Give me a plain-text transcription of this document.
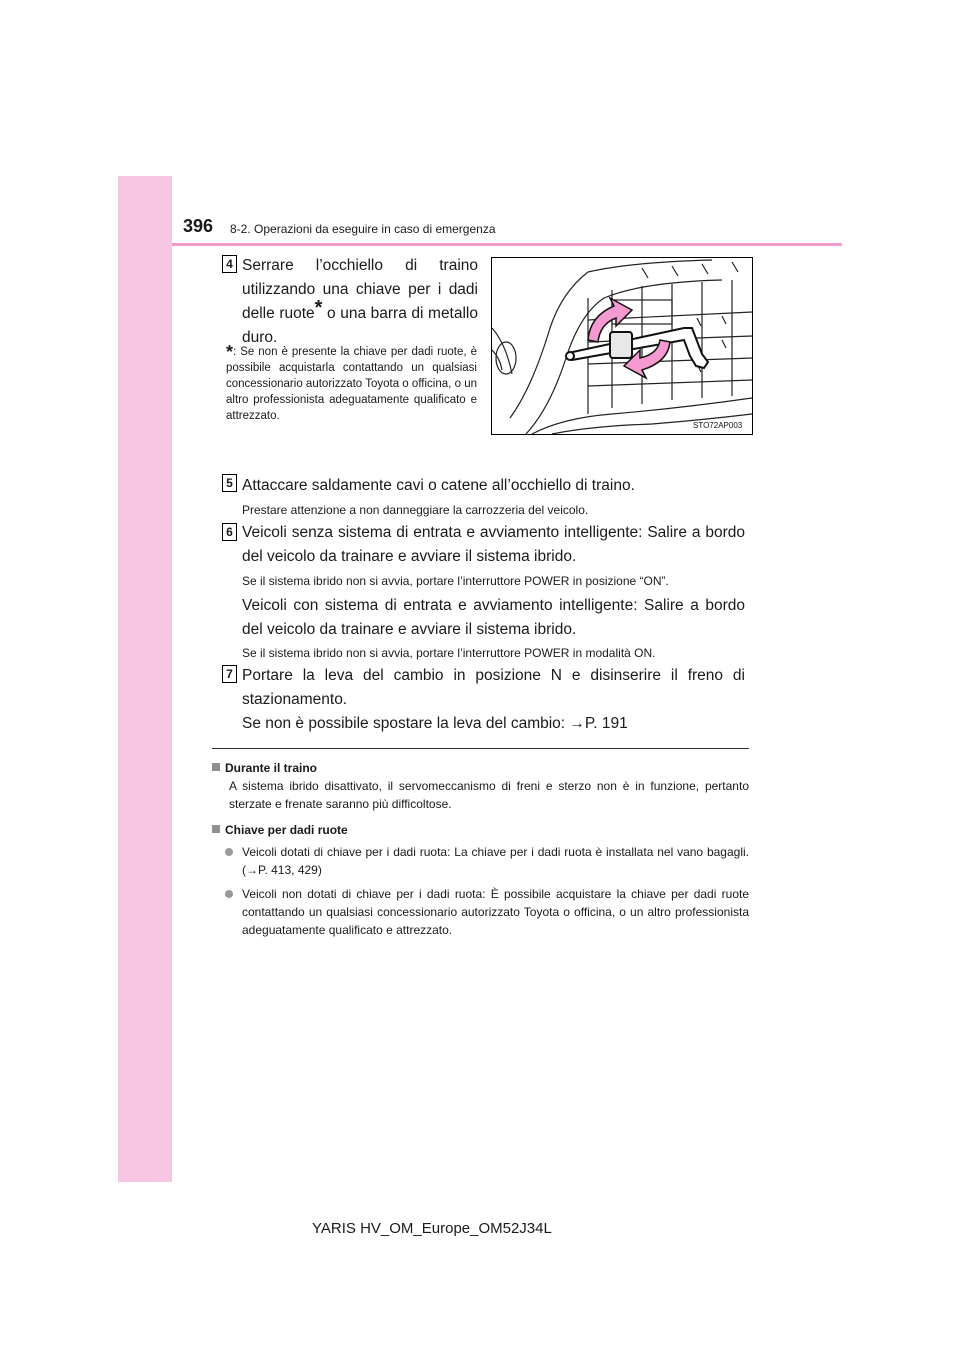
396 8-2. Operazioni da eseguire in caso di emergenza
4 Serrare l’occhiello di traino utilizzando una chiave per i dadi delle ruote* o una barra di metallo duro.
*: Se non è presente la chiave per dadi ruote, è possibile acquistarla contattando un qualsiasi concessionario autorizzato Toyota o officina, o un altro professionista adeguatamente qualificato e attrezzato.
STO72AP003
5 Attaccare saldamente cavi o catene all’occhiello di traino.
Prestare attenzione a non danneggiare la carrozzeria del veicolo.
6 Veicoli senza sistema di entrata e avviamento intelligente: Salire a bordo del veicolo da trainare e avviare il sistema ibrido.
Se il sistema ibrido non si avvia, portare l’interruttore POWER in posizione “ON”.
Veicoli con sistema di entrata e avviamento intelligente: Salire a bordo del veicolo da trainare e avviare il sistema ibrido.
Se il sistema ibrido non si avvia, portare l’interruttore POWER in modalità ON.
7 Portare la leva del cambio in posizione N e disinserire il freno di stazionamento.
Se non è possibile spostare la leva del cambio: →P. 191
Durante il traino
A sistema ibrido disattivato, il servomeccanismo di freni e sterzo non è in funzione, pertanto sterzate e frenate saranno più difficoltose.
Chiave per dadi ruote
Veicoli dotati di chiave per i dadi ruota: La chiave per i dadi ruota è installata nel vano bagagli. (→P. 413, 429)
Veicoli non dotati di chiave per i dadi ruota: È possibile acquistare la chiave per dadi ruote contattando un qualsiasi concessionario autorizzato Toyota o officina, o un altro professionista adeguatamente qualificato e attrezzato.
YARIS HV_OM_Europe_OM52J34L
